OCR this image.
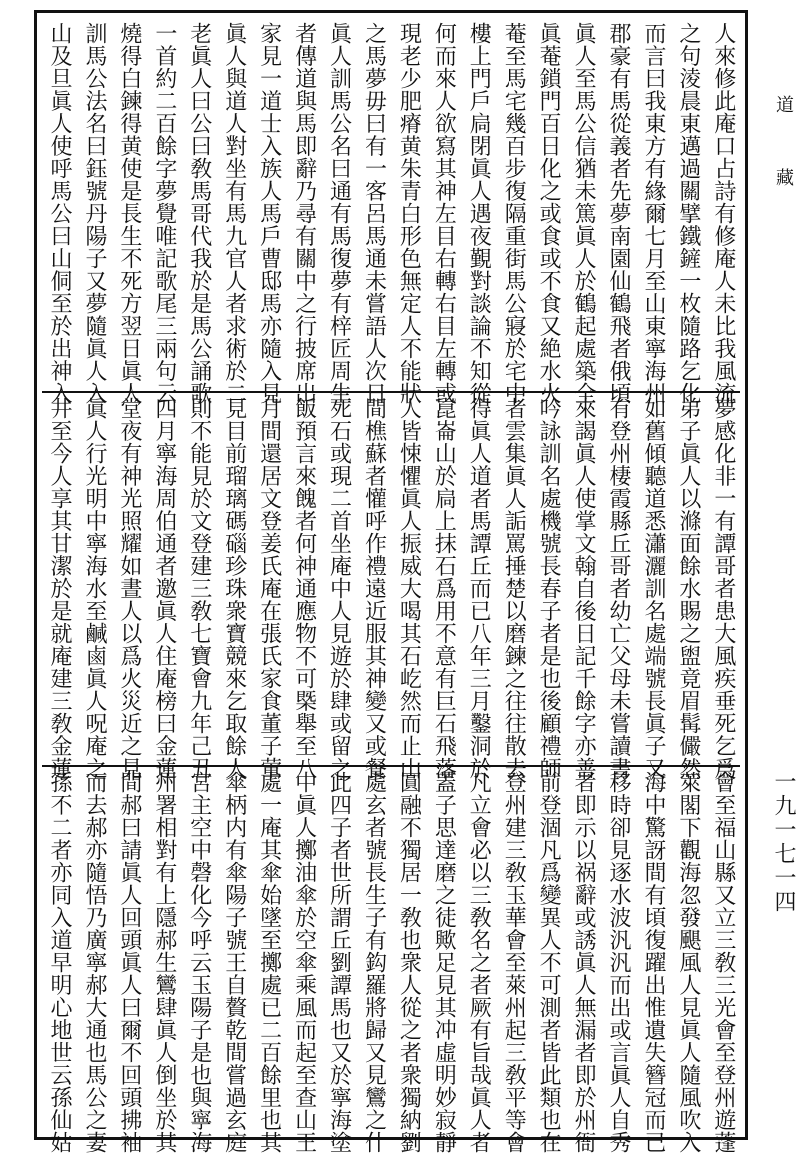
人來修此庵口占詩有修庵人未比我風流
之句淩晨東邁過關擘鐵鏟一枚隨路乞化
而言曰我東方有緣爾七月至山東寧海州
郡豪有馬從義者先夢南園仙鶴飛者俄頃
眞人至馬公信猶未篤眞人於鶴起處築全
眞菴鎖門百日化之或食或不食又絶水火
菴至馬宅幾百步復隔重街馬公寢於宅中
樓上門戶扃閉眞人遇夜覲對談論不知從
何而來人欲寫其神左目右轉右目左轉或
現老少肥瘠黄朱青白形色無定人不能狀
之馬夢毋曰有一客呂馬通未嘗語人次日
眞人訓馬公名曰通有馬復夢有梓匠周生
者傳道與馬即辭乃尋有關中之行披席出
家見一道士入族人馬戶曹邸馬亦隨入見
眞人與道人對坐有馬九官人者求術於二
老眞人曰公曰敎馬哥代我於是馬公誦歌
一首約二百餘字夢覺唯記歌尾三兩句云
燒得白鍊得黄使是長生不死方翌日眞人
訓馬公法名曰鈺號丹陽子又夢隨眞人入
山及旦眞人使呼馬公曰山侗至於出神入
夢感化非一有譚哥者患大風疾垂死乞爲
弟子眞人以滌面餘水賜之盥竟眉髯儼然
如舊傾聽道悉瀟灑訓名處端號長眞子又
有登州棲霞縣丘哥者幼亡父母未嘗讀書
來謁眞人使掌文翰自後日記千餘字亦善
吟詠訓名處機號長春子者是也後顧禮師
者雲集眞人詬罵捶楚以磨鍊之往往散去
得眞人道者馬譚丘而已八年三月鑿洞於
崑崙山於扃上抹石爲用不意有巨石飛落
人皆悚懼眞人振威大喝其石屹然而止山
間樵蘇者懽呼作禮遠近服其神變又或餐
死石或現二首坐庵中人見遊於肆或留之
飯預言來餽者何神通應物不可槩舉至八
月間還居文登姜氏庵在張氏家食董子葷
見目前瑠璃碼碯珍珠衆寶競來乞取餘人
則不能見於文登建三敎七寶會九年己丑
四月寧海周伯通者邀眞人住庵榜曰金蓮
堂夜有神光照耀如晝人以爲火災近之見
眞人行光明中寧海水至鹹鹵眞人呪庵之
井至今人享其甘潔於是就庵建三敎金蓮
會至福山縣又立三敎三光會至登州遊蓬
萊閣下觀海忽發颶風人見眞人隨風吹入
海中驚訝間有頃復躍出惟遺失簪冠而已
移時卻見逐水波汎汎而出或言眞人自秀
者即示以祸辭或誘眞人無漏者即於州衙
前登涸凡爲變異人不可測者皆此類也在
登州建三敎玉華會至萊州起三敎平等會
凡立會必以三敎名之者厥有旨哉眞人者
蓋子思達磨之徒歟足見其冲虛明妙寂靜
圓融不獨居一敎也衆人從之者衆獨納劉
處玄者號長生子有鈎羅將歸又見鸞之什
此四子者世所謂丘劉譚馬也又於寧海塗
中眞人擲油傘於空傘乘風而起至查山王
處一庵其傘始墜至擲處已二百餘里也其
傘柄内有傘陽子號王自贅乾間嘗過玄庭
宮主空中磬化今呼云玉陽子是也與寧海
州署相對有上隱郝生鸞肆眞人倒坐於其
間郝曰請眞人回頭眞人曰爾不回頭拂袖
而去郝亦隨悟乃廣寧郝大通也馬公之妻
孫不二者亦同入道早明心地世云孫仙姑
道藏
一九一七一四
